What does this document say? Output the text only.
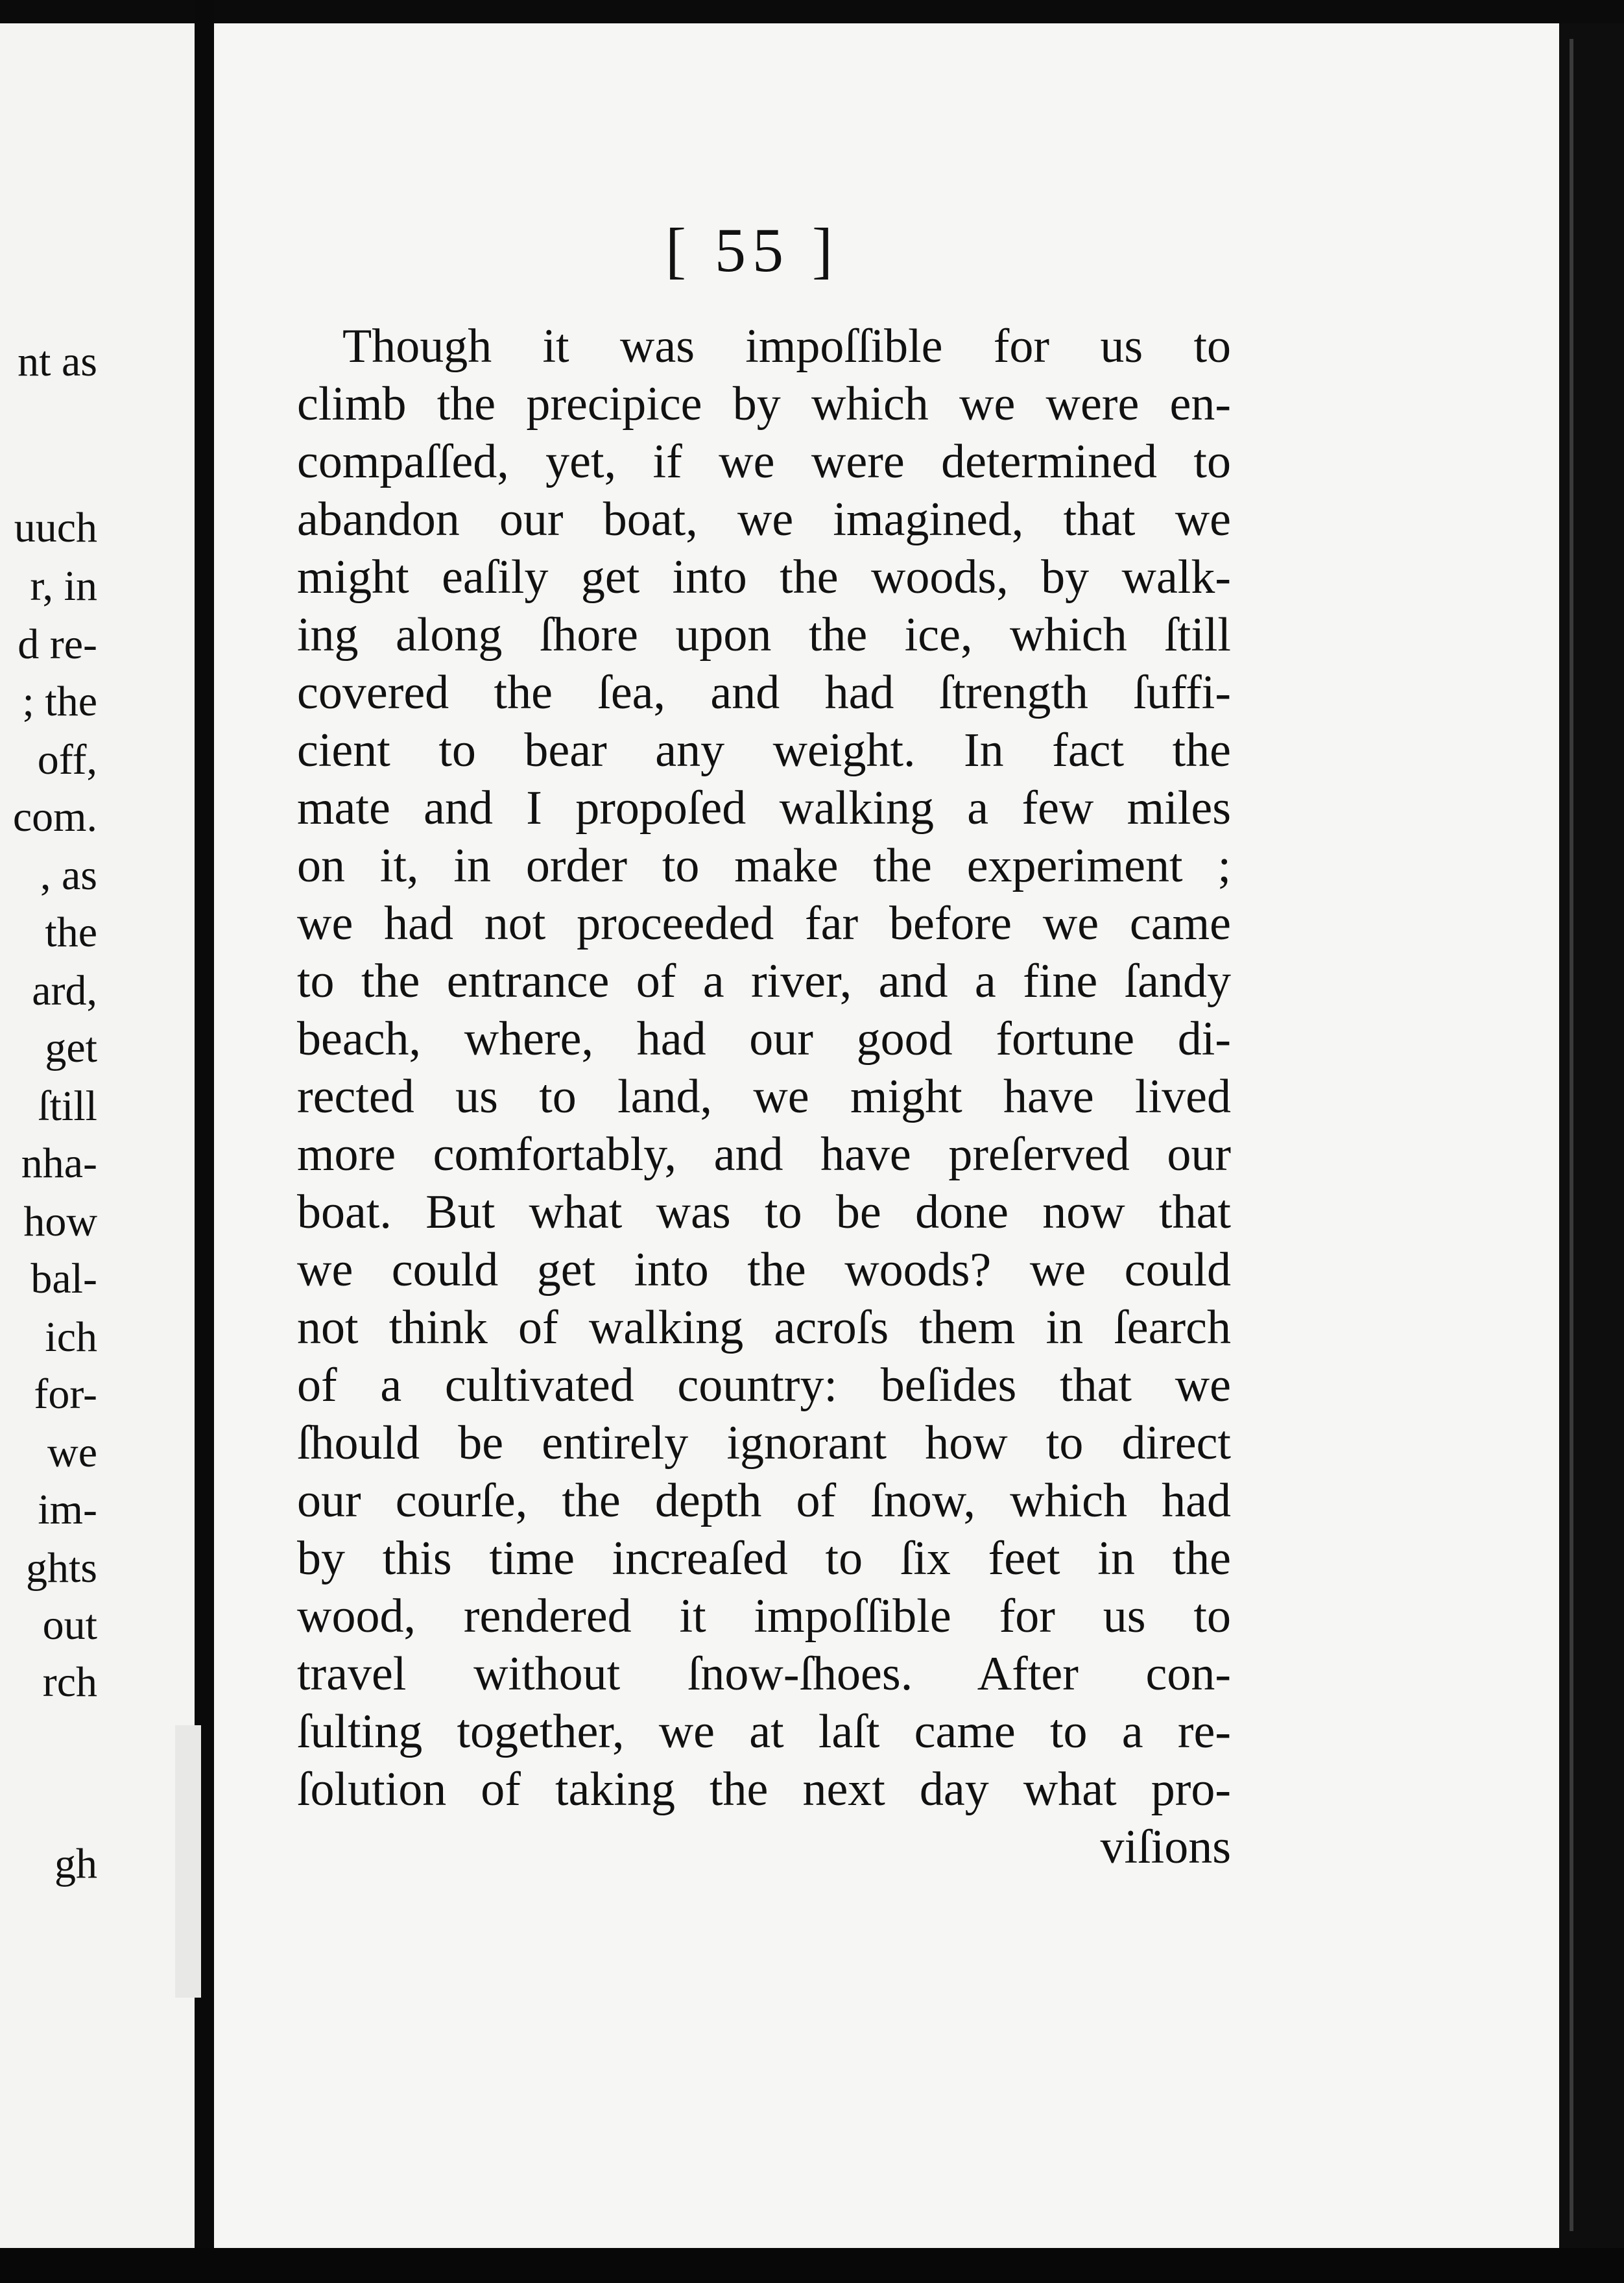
nt as
uuch
r, in
d re-
; the
off,
com.
, as
the
ard,
get
ſtill
nha-
how
bal-
ich
for-
we
im-
ghts
out
rch
gh
[ 55 ]
Though it was impoſſible for us to
climb the precipice by which we were en-
compaſſed, yet, if we were determined to
abandon our boat, we imagined, that we
might eaſily get into the woods, by walk-
ing along ſhore upon the ice, which ſtill
covered the ſea, and had ſtrength ſuffi-
cient to bear any weight. In fact the
mate and I propoſed walking a few miles
on it, in order to make the experiment ;
we had not proceeded far before we came
to the entrance of a river, and a fine ſandy
beach, where, had our good fortune di-
rected us to land, we might have lived
more comfortably, and have preſerved our
boat. But what was to be done now that
we could get into the woods? we could
not think of walking acroſs them in ſearch
of a cultivated country: beſides that we
ſhould be entirely ignorant how to direct
our courſe, the depth of ſnow, which had
by this time increaſed to ſix feet in the
wood, rendered it impoſſible for us to
travel without ſnow-ſhoes. After con-
ſulting together, we at laſt came to a re-
ſolution of taking the next day what pro-
viſions
